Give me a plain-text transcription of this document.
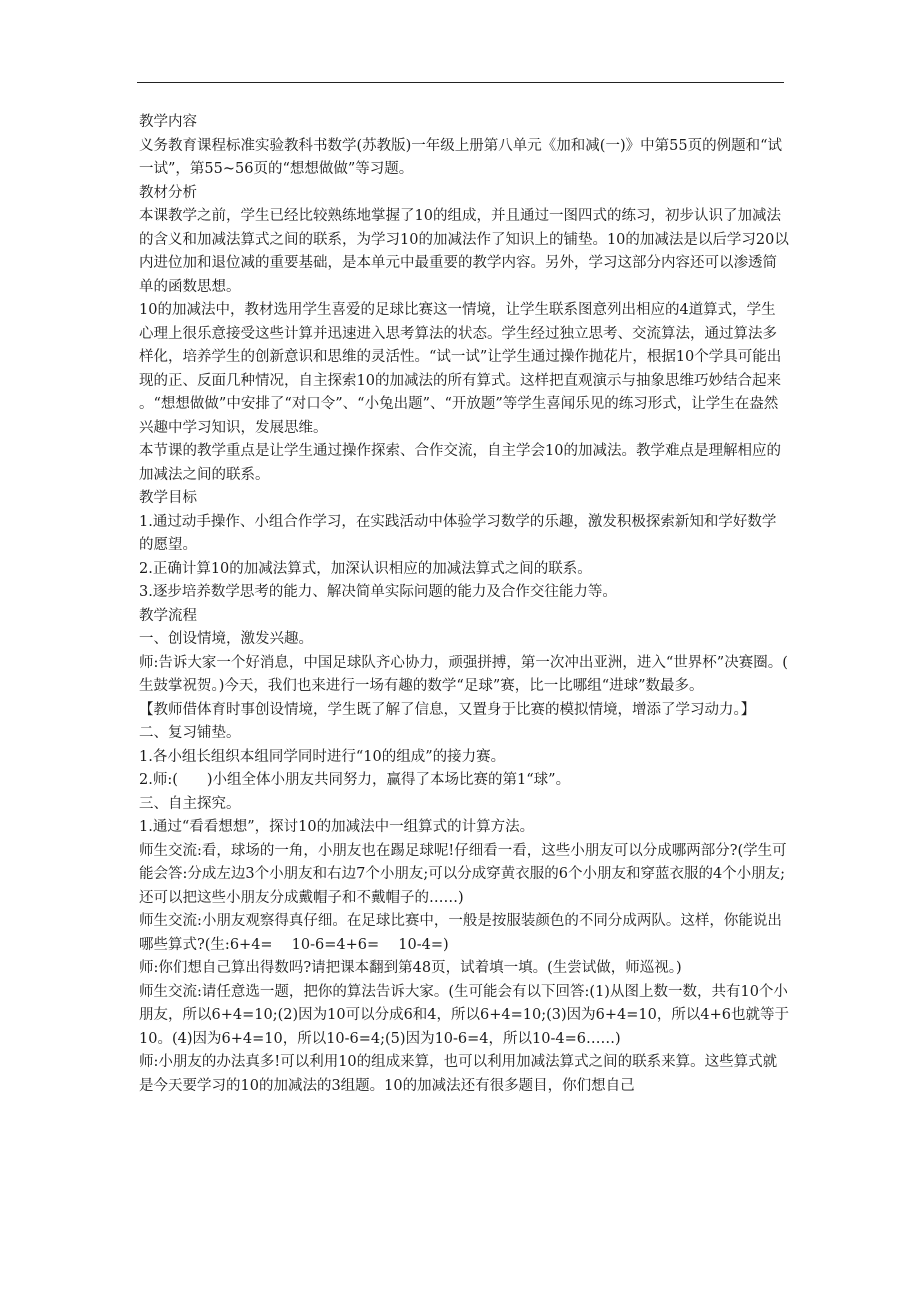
教学内容

义务教育课程标准实验教科书数学(苏教版)一年级上册第八单元《加和减(一)》中第55页的例题和“试一试”，第55~56页的“想想做做”等习题。

教材分析

本课教学之前，学生已经比较熟练地掌握了10的组成，并且通过一图四式的练习，初步认识了加减法的含义和加减法算式之间的联系，为学习10的加减法作了知识上的铺垫。10的加减法是以后学习20以内进位加和退位减的重要基础，是本单元中最重要的教学内容。另外，学习这部分内容还可以渗透简单的函数思想。

10的加减法中，教材选用学生喜爱的足球比赛这一情境，让学生联系图意列出相应的4道算式，学生心理上很乐意接受这些计算并迅速进入思考算法的状态。学生经过独立思考、交流算法，通过算法多样化，培养学生的创新意识和思维的灵活性。“试一试”让学生通过操作抛花片，根据10个学具可能出现的正、反面几种情况，自主探索10的加减法的所有算式。这样把直观演示与抽象思维巧妙结合起来。“想想做做”中安排了“对口令”、“小兔出题”、“开放题”等学生喜闻乐见的练习形式，让学生在盎然兴趣中学习知识，发展思维。

本节课的教学重点是让学生通过操作探索、合作交流，自主学会10的加减法。教学难点是理解相应的加减法之间的联系。

教学目标

1.通过动手操作、小组合作学习，在实践活动中体验学习数学的乐趣，激发积极探索新知和学好数学的愿望。

2.正确计算10的加减法算式，加深认识相应的加减法算式之间的联系。

3.逐步培养数学思考的能力、解决简单实际问题的能力及合作交往能力等。

教学流程

一、创设情境，激发兴趣。

师:告诉大家一个好消息，中国足球队齐心协力，顽强拼搏，第一次冲出亚洲，进入“世界杯”决赛圈。(生鼓掌祝贺。)今天，我们也来进行一场有趣的数学“足球”赛，比一比哪组“进球”数最多。

【教师借体育时事创设情境，学生既了解了信息，又置身于比赛的模拟情境，增添了学习动力。】

二、复习铺垫。

1.各小组长组织本组同学同时进行“10的组成”的接力赛。

2.师:(　　)小组全体小朋友共同努力，赢得了本场比赛的第1“球”。

三、自主探究。

1.通过“看看想想”，探讨10的加减法中一组算式的计算方法。

师生交流:看，球场的一角，小朋友也在踢足球呢!仔细看一看，这些小朋友可以分成哪两部分?(学生可能会答:分成左边3个小朋友和右边7个小朋友;可以分成穿黄衣服的6个小朋友和穿蓝衣服的4个小朋友;还可以把这些小朋友分成戴帽子和不戴帽子的……)

师生交流:小朋友观察得真仔细。在足球比赛中，一般是按服装颜色的不同分成两队。这样，你能说出哪些算式?(生:6+4=　 10-6=4+6=　 10-4=)

师:你们想自己算出得数吗?请把课本翻到第48页，试着填一填。(生尝试做，师巡视。)

师生交流:请任意选一题，把你的算法告诉大家。(生可能会有以下回答:(1)从图上数一数，共有10个小朋友，所以6+4=10;(2)因为10可以分成6和4，所以6+4=10;(3)因为6+4=10，所以4+6也就等于10。(4)因为6+4=10，所以10-6=4;(5)因为10-6=4，所以10-4=6……)

师:小朋友的办法真多!可以利用10的组成来算，也可以利用加减法算式之间的联系来算。这些算式就是今天要学习的10的加减法的3组题。10的加减法还有很多题目，你们想自己
